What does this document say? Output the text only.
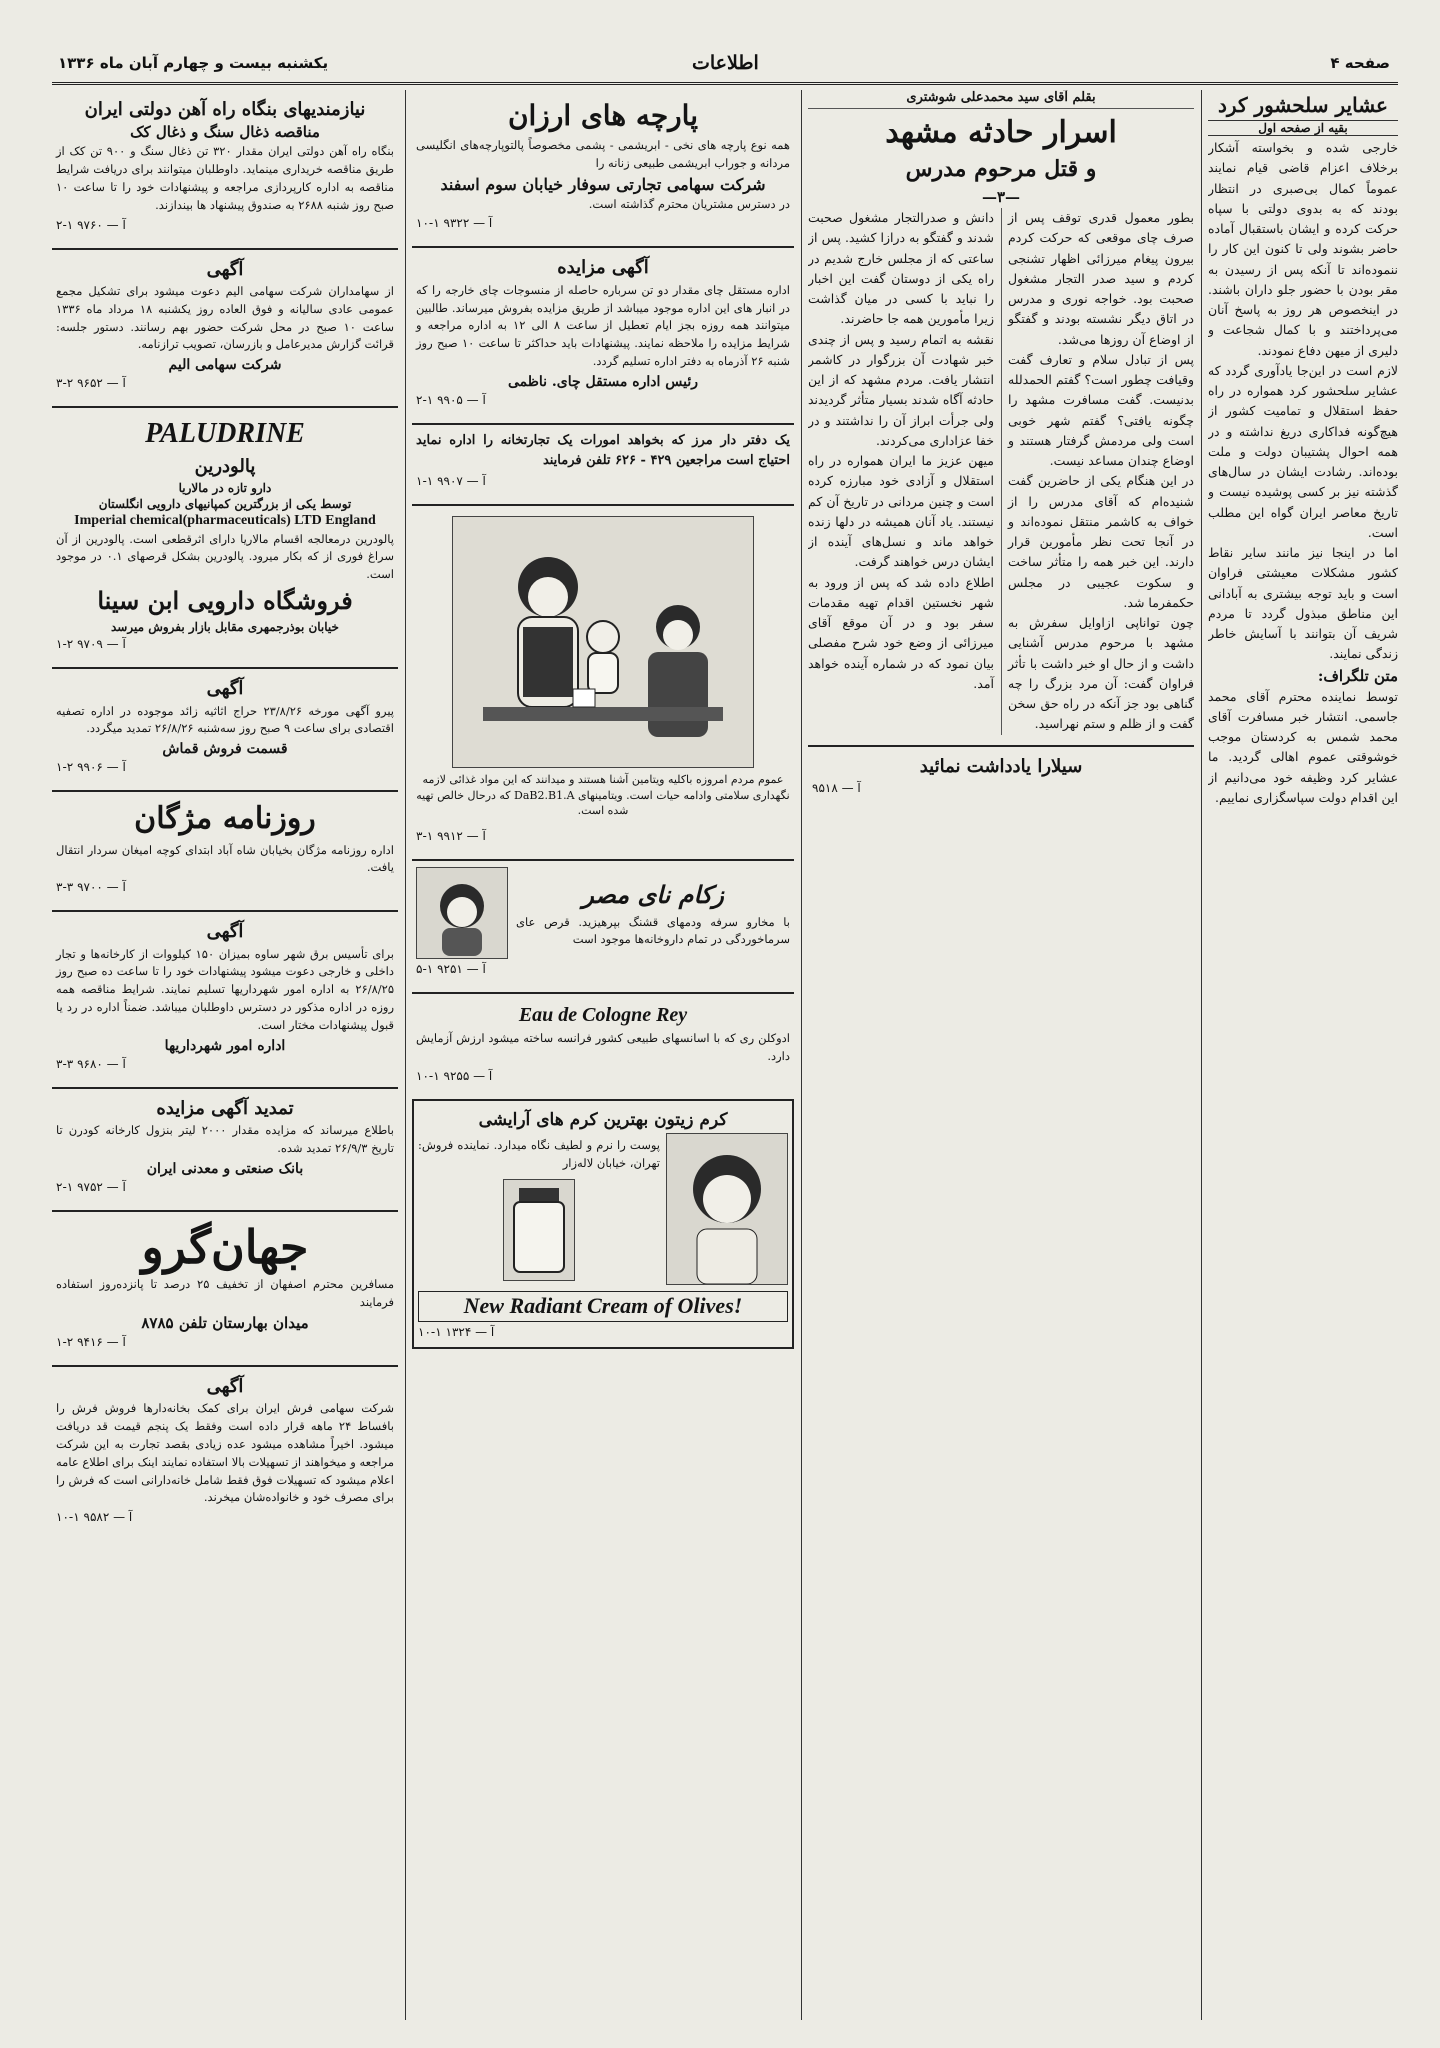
یکشنبه بیست و چهارم آبان ماه ۱۳۳۶	اطلاعات	صفحه ۴
عشایر سلحشور کرد
بقیه از صفحه اول

خارجی شده و بخواسته آشکار برخلاف اعزام قاضی قیام نمایند عموماً کمال بی‌صبری در انتظار بودند که به بدوی دولتی با سپاه حرکت کرده و ایشان باستقبال آماده حاضر بشوند ولی تا کنون این کار را ننموده‌اند تا آنکه پس از رسیدن به مقر بودن با حضور جلو داران باشند. در اینخصوص هر روز به پاسخ آنان می‌پرداختند و با کمال شجاعت و دلیری از میهن دفاع نمودند.

لازم است در این‌جا یادآوری گردد که عشایر سلحشور کرد همواره در راه حفظ استقلال و تمامیت کشور از هیچ‌گونه فداکاری دریغ نداشته و در همه احوال پشتیبان دولت و ملت بوده‌اند. رشادت ایشان در سال‌های گذشته نیز بر کسی پوشیده نیست و تاریخ معاصر ایران گواه این مطلب است.

اما در اینجا نیز مانند سایر نقاط کشور مشکلات معیشتی فراوان است و باید توجه بیشتری به آبادانی این مناطق مبذول گردد تا مردم شریف آن بتوانند با آسایش خاطر زندگی نمایند.

متن تلگراف:

توسط نماینده محترم آقای محمد جاسمی. انتشار خبر مسافرت آقای محمد شمس به کردستان موجب خوشوقتی عموم اهالی گردید. ما عشایر کرد وظیفه خود می‌دانیم از این اقدام دولت سپاسگزاری نماییم.

بقلم آقای سید محمدعلی شوشتری
اسرار حادثه مشهد
و قتل مرحوم مدرس
—۳—

بطور معمول قدری توقف پس از صرف چای موقعی که حرکت کردم بیرون پیغام میرزائی اظهار تشنجی کردم و سید صدر التجار مشغول صحبت بود. خواجه نوری و مدرس در اتاق دیگر نشسته بودند و گفتگو از اوضاع آن روزها می‌شد.

پس از تبادل سلام و تعارف گفت وقیافت چطور است؟ گفتم الحمدلله بدنیست. گفت مسافرت مشهد را چگونه یافتی؟ گفتم شهر خوبی است ولی مردمش گرفتار هستند و اوضاع چندان مساعد نیست.

در این هنگام یکی از حاضرین گفت شنیده‌ام که آقای مدرس را از خواف به کاشمر منتقل نموده‌اند و در آنجا تحت نظر مأمورین قرار دارند. این خبر همه را متأثر ساخت و سکوت عجیبی در مجلس حکمفرما شد.

چون تواناپی ازاوایل سفرش به مشهد با مرحوم مدرس آشنایی داشت و از حال او خبر داشت با تأثر فراوان گفت: آن مرد بزرگ را چه گناهی بود جز آنکه در راه حق سخن گفت و از ظلم و ستم نهراسید.

دانش و صدرالتجار مشغول صحبت شدند و گفتگو به درازا کشید. پس از ساعتی که از مجلس خارج شدیم در راه یکی از دوستان گفت این اخبار را نباید با کسی در میان گذاشت زیرا مأمورین همه جا حاضرند.

نقشه به اتمام رسید و پس از چندی خبر شهادت آن بزرگوار در کاشمر انتشار یافت. مردم مشهد که از این حادثه آگاه شدند بسیار متأثر گردیدند ولی جرأت ابراز آن را نداشتند و در خفا عزاداری می‌کردند.

میهن عزیز ما ایران همواره در راه استقلال و آزادی خود مبارزه کرده است و چنین مردانی در تاریخ آن کم نیستند. یاد آنان همیشه در دلها زنده خواهد ماند و نسل‌های آینده از ایشان درس خواهند گرفت.

اطلاع داده شد که پس از ورود به شهر نخستین اقدام تهیه مقدمات سفر بود و در آن موقع آقای میرزائی از وضع خود شرح مفصلی بیان نمود که در شماره آینده خواهد آمد.

سیلارا یادداشت نمائید
آ — ۹۵۱۸
پارچه های ارزان

همه نوع پارچه های نخی - ابریشمی - پشمی مخصوصاً پالتوپارچه‌های انگلیسی مردانه و جوراب ابریشمی طبیعی زنانه را

شرکت سهامی تجارتی سوفار خیابان سوم اسفند

در دسترس مشتریان محترم گذاشته است.

آ — ۹۳۲۲ ۱-۱۰
آگهی مزایده

اداره مستقل چای مقدار دو تن سرباره حاصله از منسوجات چای خارجه را که در انبار های این اداره موجود میباشد از طریق مزایده بفروش میرساند. طالبین میتوانند همه روزه بجز ایام تعطیل از ساعت ۸ الی ۱۲ به اداره مراجعه و شرایط مزایده را ملاحظه نمایند. پیشنهادات باید حداکثر تا ساعت ۱۰ صبح روز شنبه ۲۶ آذرماه به دفتر اداره تسلیم گردد.

رئیس اداره مستقل چای. ناظمی
آ — ۹۹۰۵ ۱-۲

یک دفتر دار مرز که بخواهد امورات یک تجارتخانه را اداره نماید احتیاج است مراجعین ۴۲۹ - ۶۲۶ تلفن فرمایند

آ — ۹۹۰۷ ۱-۱

عموم مردم امروزه باکلیه ویتامین آشنا هستند و میدانند که این مواد غذائی لازمه نگهداری سلامتی وادامه حیات است. ویتامینهای DaB2.B1.A که درحال خالص تهیه شده است.

آ — ۹۹۱۲ ۱-۳
زکام نای مصر

با مخارو سرفه ودمهای قشنگ بپرهیزید. قرص عای سرماخوردگی در تمام داروخانه‌ها موجود است

آ — ۹۲۵۱ ۱-۵
Eau de Cologne Rey

ادوکلن ری که با اسانسهای طبیعی کشور فرانسه ساخته میشود ارزش آزمایش دارد.

آ — ۹۲۵۵ ۱-۱۰
کرم زیتون بهترین کرم های آرایشی

پوست را نرم و لطیف نگاه میدارد. نماینده فروش: تهران، خیابان لاله‌زار

New Radiant Cream of Olives!
آ — ۱۳۲۴ ۱-۱۰
نیازمندیهای بنگاه راه آهن دولتی ایران
مناقصه ذغال سنگ و ذغال کک

بنگاه راه آهن دولتی ایران مقدار ۳۲۰ تن ذغال سنگ و ۹۰۰ تن کک از طریق مناقصه خریداری مینماید. داوطلبان میتوانند برای دریافت شرایط مناقصه به اداره کارپردازی مراجعه و پیشنهادات خود را تا ساعت ۱۰ صبح روز شنبه ۲۶۸۸ به صندوق پیشنهاد ها بیندازند.

آ — ۹۷۶۰ ۱-۲
آگهی

از سهامداران شرکت سهامی الیم دعوت میشود برای تشکیل مجمع عمومی عادی سالیانه و فوق العاده روز یکشنبه ۱۸ مرداد ماه ۱۳۳۶ ساعت ۱۰ صبح در محل شرکت حضور بهم رسانند. دستور جلسه: قرائت گزارش مدیرعامل و بازرسان، تصویب ترازنامه.

شرکت سهامی الیم
آ — ۹۶۵۲ ۲-۳
PALUDRINE
پالودرین
دارو تازه در مالاریا
توسط یکی از بزرگترین کمپانیهای دارویی انگلستان
Imperial chemical(pharmaceuticals) LTD England

پالودرین درمعالجه اقسام مالاریا دارای اثرقطعی است. پالودرین از آن سراغ فوری از که بکار میرود. پالودرین بشکل قرصهای ۰.۱ در موجود است.

فروشگاه دارویی ابن سینا
خیابان بوذرجمهری مقابل بازار بفروش میرسد
آ — ۹۷۰۹ ۲-۱
آگهی

پیرو آگهی مورخه ۲۳/۸/۲۶ حراج اثاثیه زائد موجوده در اداره تصفیه اقتصادی برای ساعت ۹ صبح روز سه‌شنبه ۲۶/۸/۲۶ تمدید میگردد.

قسمت فروش قماش
آ — ۹۹۰۶ ۲-۱
روزنامه مژگان

اداره روزنامه مژگان بخیابان شاه آباد ابتدای کوچه امیغان سردار انتقال یافت.

آ — ۹۷۰۰ ۳-۳
آگهی

برای تأسیس برق شهر ساوه بمیزان ۱۵۰ کیلووات از کارخانه‌ها و تجار داخلی و خارجی دعوت میشود پیشنهادات خود را تا ساعت ده صبح روز ۲۶/۸/۲۵ به اداره امور شهرداریها تسلیم نمایند. شرایط مناقصه همه روزه در اداره مذکور در دسترس داوطلبان میباشد. ضمناً اداره در رد یا قبول پیشنهادات مختار است.

اداره امور شهرداریها
آ — ۹۶۸۰ ۳-۳
تمدید آگهی مزایده

باطلاع میرساند که مزایده مقدار ۲۰۰۰ لیتر بنزول کارخانه کودرن تا تاریخ ۲۶/۹/۳ تمدید شده.

بانک صنعتی و معدنی ایران
آ — ۹۷۵۲ ۱-۲
جهان‌گرو

مسافرین محترم اصفهان از تخفیف ۲۵ درصد تا پانزده‌روز استفاده فرمایند

میدان بهارستان تلفن ۸۷۸۵
آ — ۹۴۱۶ ۲-۱
آگهی

شرکت سهامی فرش ایران برای کمک بخانه‌دارها فروش فرش را بافساط ۲۴ ماهه قرار داده است وفقط یک پنجم قیمت قد دریافت میشود. اخیراً مشاهده میشود عده زیادی بقصد تجارت به این شرکت مراجعه و میخواهند از تسهیلات بالا استفاده نمایند اینک برای اطلاع عامه اعلام میشود که تسهیلات فوق فقط شامل خانه‌دارانی است که فرش را برای مصرف خود و خانواده‌شان میخرند.

آ — ۹۵۸۲ ۱-۱۰
